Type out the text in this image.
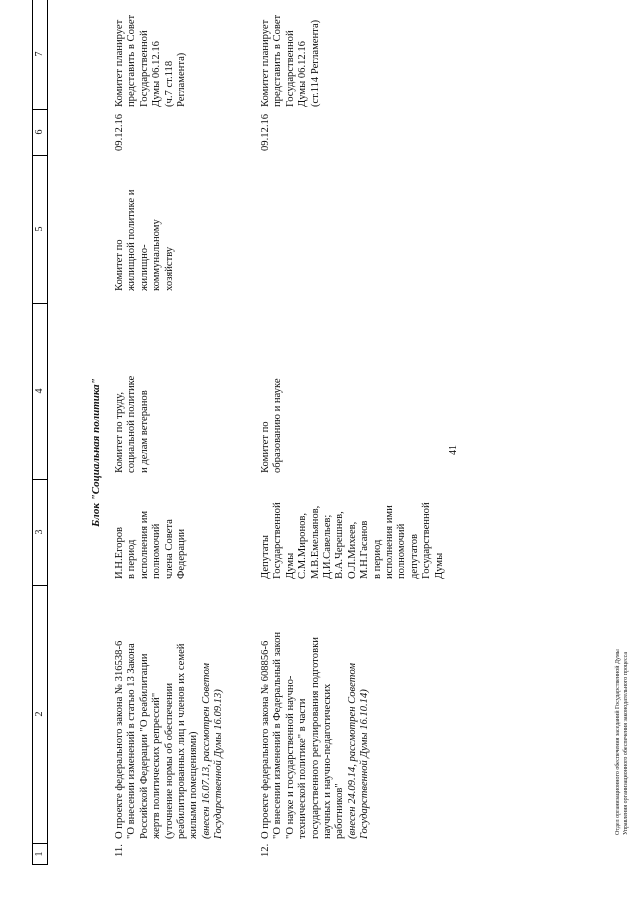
41
1
2
3
4
5
6
7
Блок "Социальная политика"
11.
О проекте федерального закона № 316538-6 "О внесении изменений в статью 13 Закона Российской Федерации "О реабилитации жертв политических репрессий" (уточнение нормы об обеспечении реабилитированных лиц и членов их семей жилыми помещениями) (внесен 16.07.13, рассмотрен Советом Государственной Думы 16.09.13)
И.Н.Егоров в период исполнения им полномочий члена Совета Федерации
Комитет по труду, социальной политике и делам ветеранов
Комитет по жилищной политике и жилищно- коммунальному хозяйству
09.12.16
Комитет планирует представить в Совет Государственной Думы 06.12.16 (ч.7 ст.118 Регламента)
12.
О проекте федерального закона № 608856-6 "О внесении изменений в Федеральный закон "О науке и государственной научно- технической политике" в части государственного регулирования подготовки научных и научно-педагогических работников" (внесен 24.09.14, рассмотрен Советом Государственной Думы 16.10.14)
Депутаты Государственной Думы С.М.Миронов, М.В.Емельянов, Д.И.Савельев; В.А.Черешнев, О.Л.Михеев, М.Н.Гасанов в период исполнения ими полномочий депутатов Государственной Думы
Комитет по образованию и науке
09.12.16
Комитет планирует представить в Совет Государственной Думы 06.12.16 (ст.114 Регламента)
Отдел организационного обеспечения заседаний Государственной Думы Управления организационного обеспечения законодательного процесса
